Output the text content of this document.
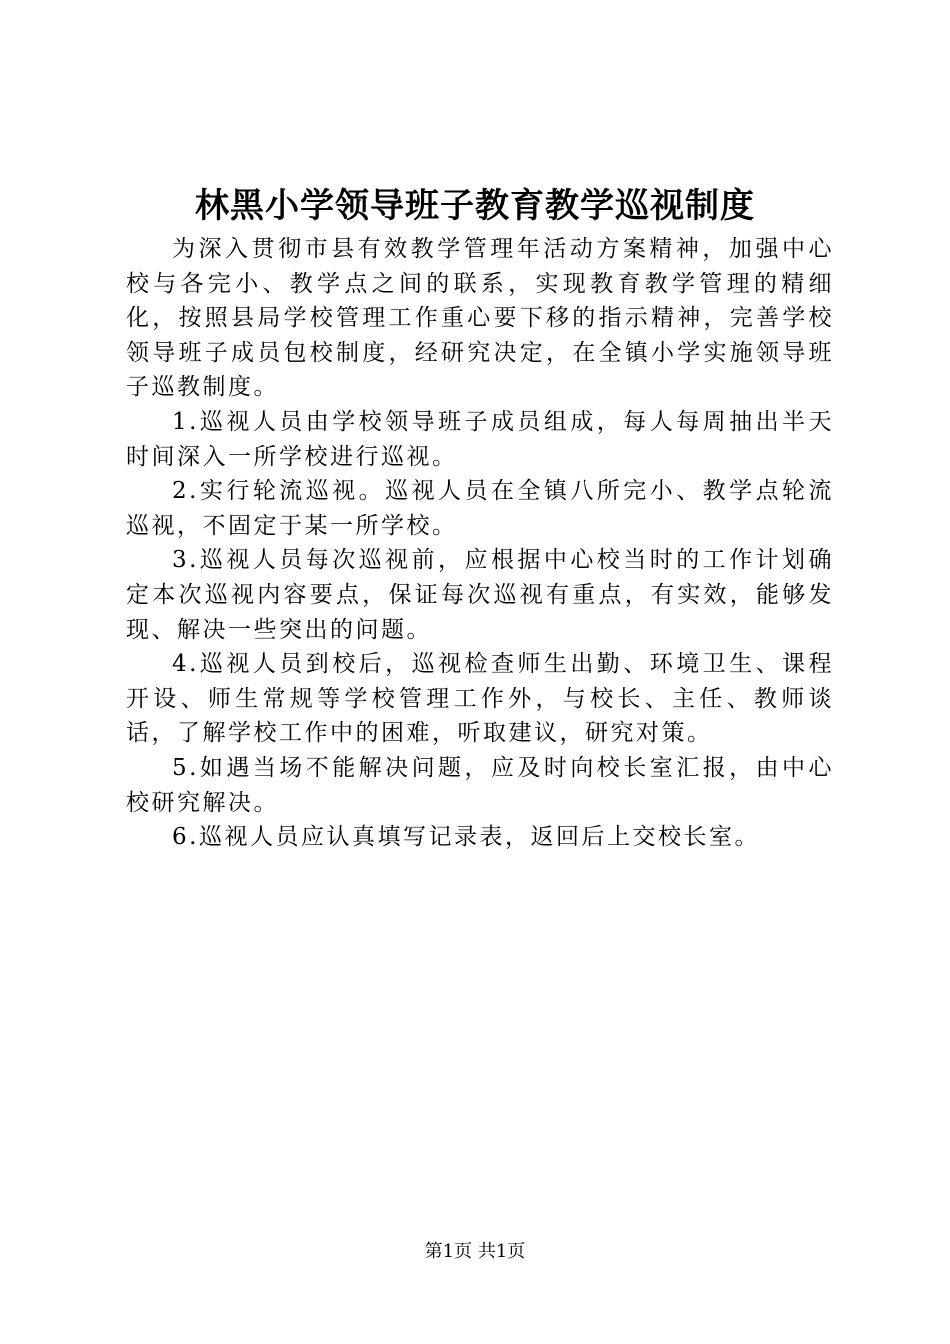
林黑小学领导班子教育教学巡视制度

为深入贯彻市县有效教学管理年活动方案精神，加强中心校与各完小、教学点之间的联系，实现教育教学管理的精细化，按照县局学校管理工作重心要下移的指示精神，完善学校领导班子成员包校制度，经研究决定，在全镇小学实施领导班子巡教制度。

1.巡视人员由学校领导班子成员组成，每人每周抽出半天时间深入一所学校进行巡视。

2.实行轮流巡视。巡视人员在全镇八所完小、教学点轮流巡视，不固定于某一所学校。

3.巡视人员每次巡视前，应根据中心校当时的工作计划确定本次巡视内容要点，保证每次巡视有重点，有实效，能够发现、解决一些突出的问题。

4.巡视人员到校后，巡视检查师生出勤、环境卫生、课程开设、师生常规等学校管理工作外，与校长、主任、教师谈话，了解学校工作中的困难，听取建议，研究对策。

5.如遇当场不能解决问题，应及时向校长室汇报，由中心校研究解决。

6.巡视人员应认真填写记录表，返回后上交校长室。

第1页 共1页
